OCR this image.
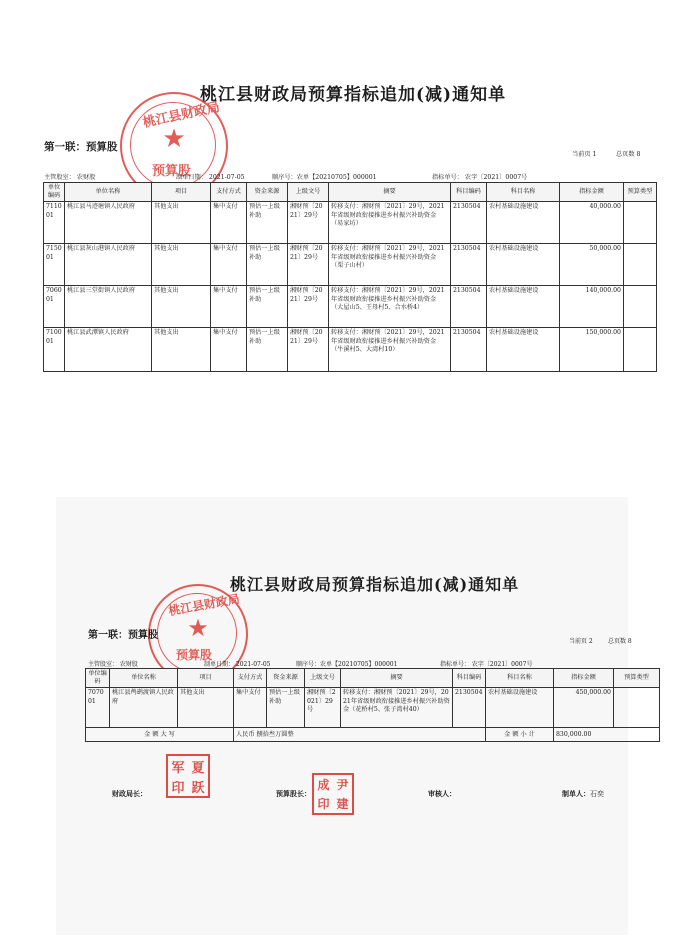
桃江县财政局预算指标追加(减)通知单
桃江县财政局
★
预算股
第一联：预算股
当前页 1	总页数 8
主管股室： 农财股	制单日期： 2021-07-05	顺序号：农单【20210705】000001	指标单号： 农字〔2021〕0007号
单位编码	单位名称	项目	支付方式	资金来源	上级文号	摘要	科目编码	科目名称	指标金额	预算类型
711001	桃江县马迹塘镇人民政府	其他支出	集中支付	预估一上级补助	湘财预〔2021〕29号	转移支付：湘财预〔2021〕29号，2021年省级财政衔接推进乡村振兴补助资金（易家坊）	2130504	农村基础设施建设	40,000.00	
715001	桃江县灰山港镇人民政府	其他支出	集中支付	预估一上级补助	湘财预〔2021〕29号	转移支付：湘财预〔2021〕29号，2021年省级财政衔接推进乡村振兴补助资金（栗子山村）	2130504	农村基础设施建设	50,000.00	
706001	桃江县三堂街镇人民政府	其他支出	集中支付	预估一上级补助	湘财预〔2021〕29号	转移支付：湘财预〔2021〕29号，2021年省级财政衔接推进乡村振兴补助资金（大屋山5、王母村5、合水桥4）	2130504	农村基础设施建设	140,000.00	
710001	桃江县武潭镇人民政府	其他支出	集中支付	预估一上级补助	湘财预〔2021〕29号	转移支付：湘财预〔2021〕29号，2021年省级财政衔接推进乡村振兴补助资金（牛溪村5、大湾村10）	2130504	农村基础设施建设	150,000.00	
桃江县财政局预算指标追加(减)通知单
桃江县财政局
★
预算股
第一联：预算股
当前页 2	总页数 8
主管股室： 农财股	制单日期： 2021-07-05	顺序号：农单【20210705】000001	指标单号： 农字〔2021〕0007号
单位编码	单位名称	项目	支付方式	资金来源	上级文号	摘要	科目编码	科目名称	指标金额	预算类型
707001	桃江县鸬鹚渡镇人民政府	其他支出	集中支付	预估一上级补助	湘财预〔2021〕29号	转移支付：湘财预〔2021〕29号，2021年省级财政衔接推进乡村振兴补助资金（花桥村5、张子湾村40）	2130504	农村基础设施建设	450,000.00	
金 额 大 写			人民币 捌拾叁万圆整					金 额 小 计	830,000.00	
军 夏
印 跃	成 尹
印 建
财政局长：	预算股长：	审核人：	制单人：石奕
